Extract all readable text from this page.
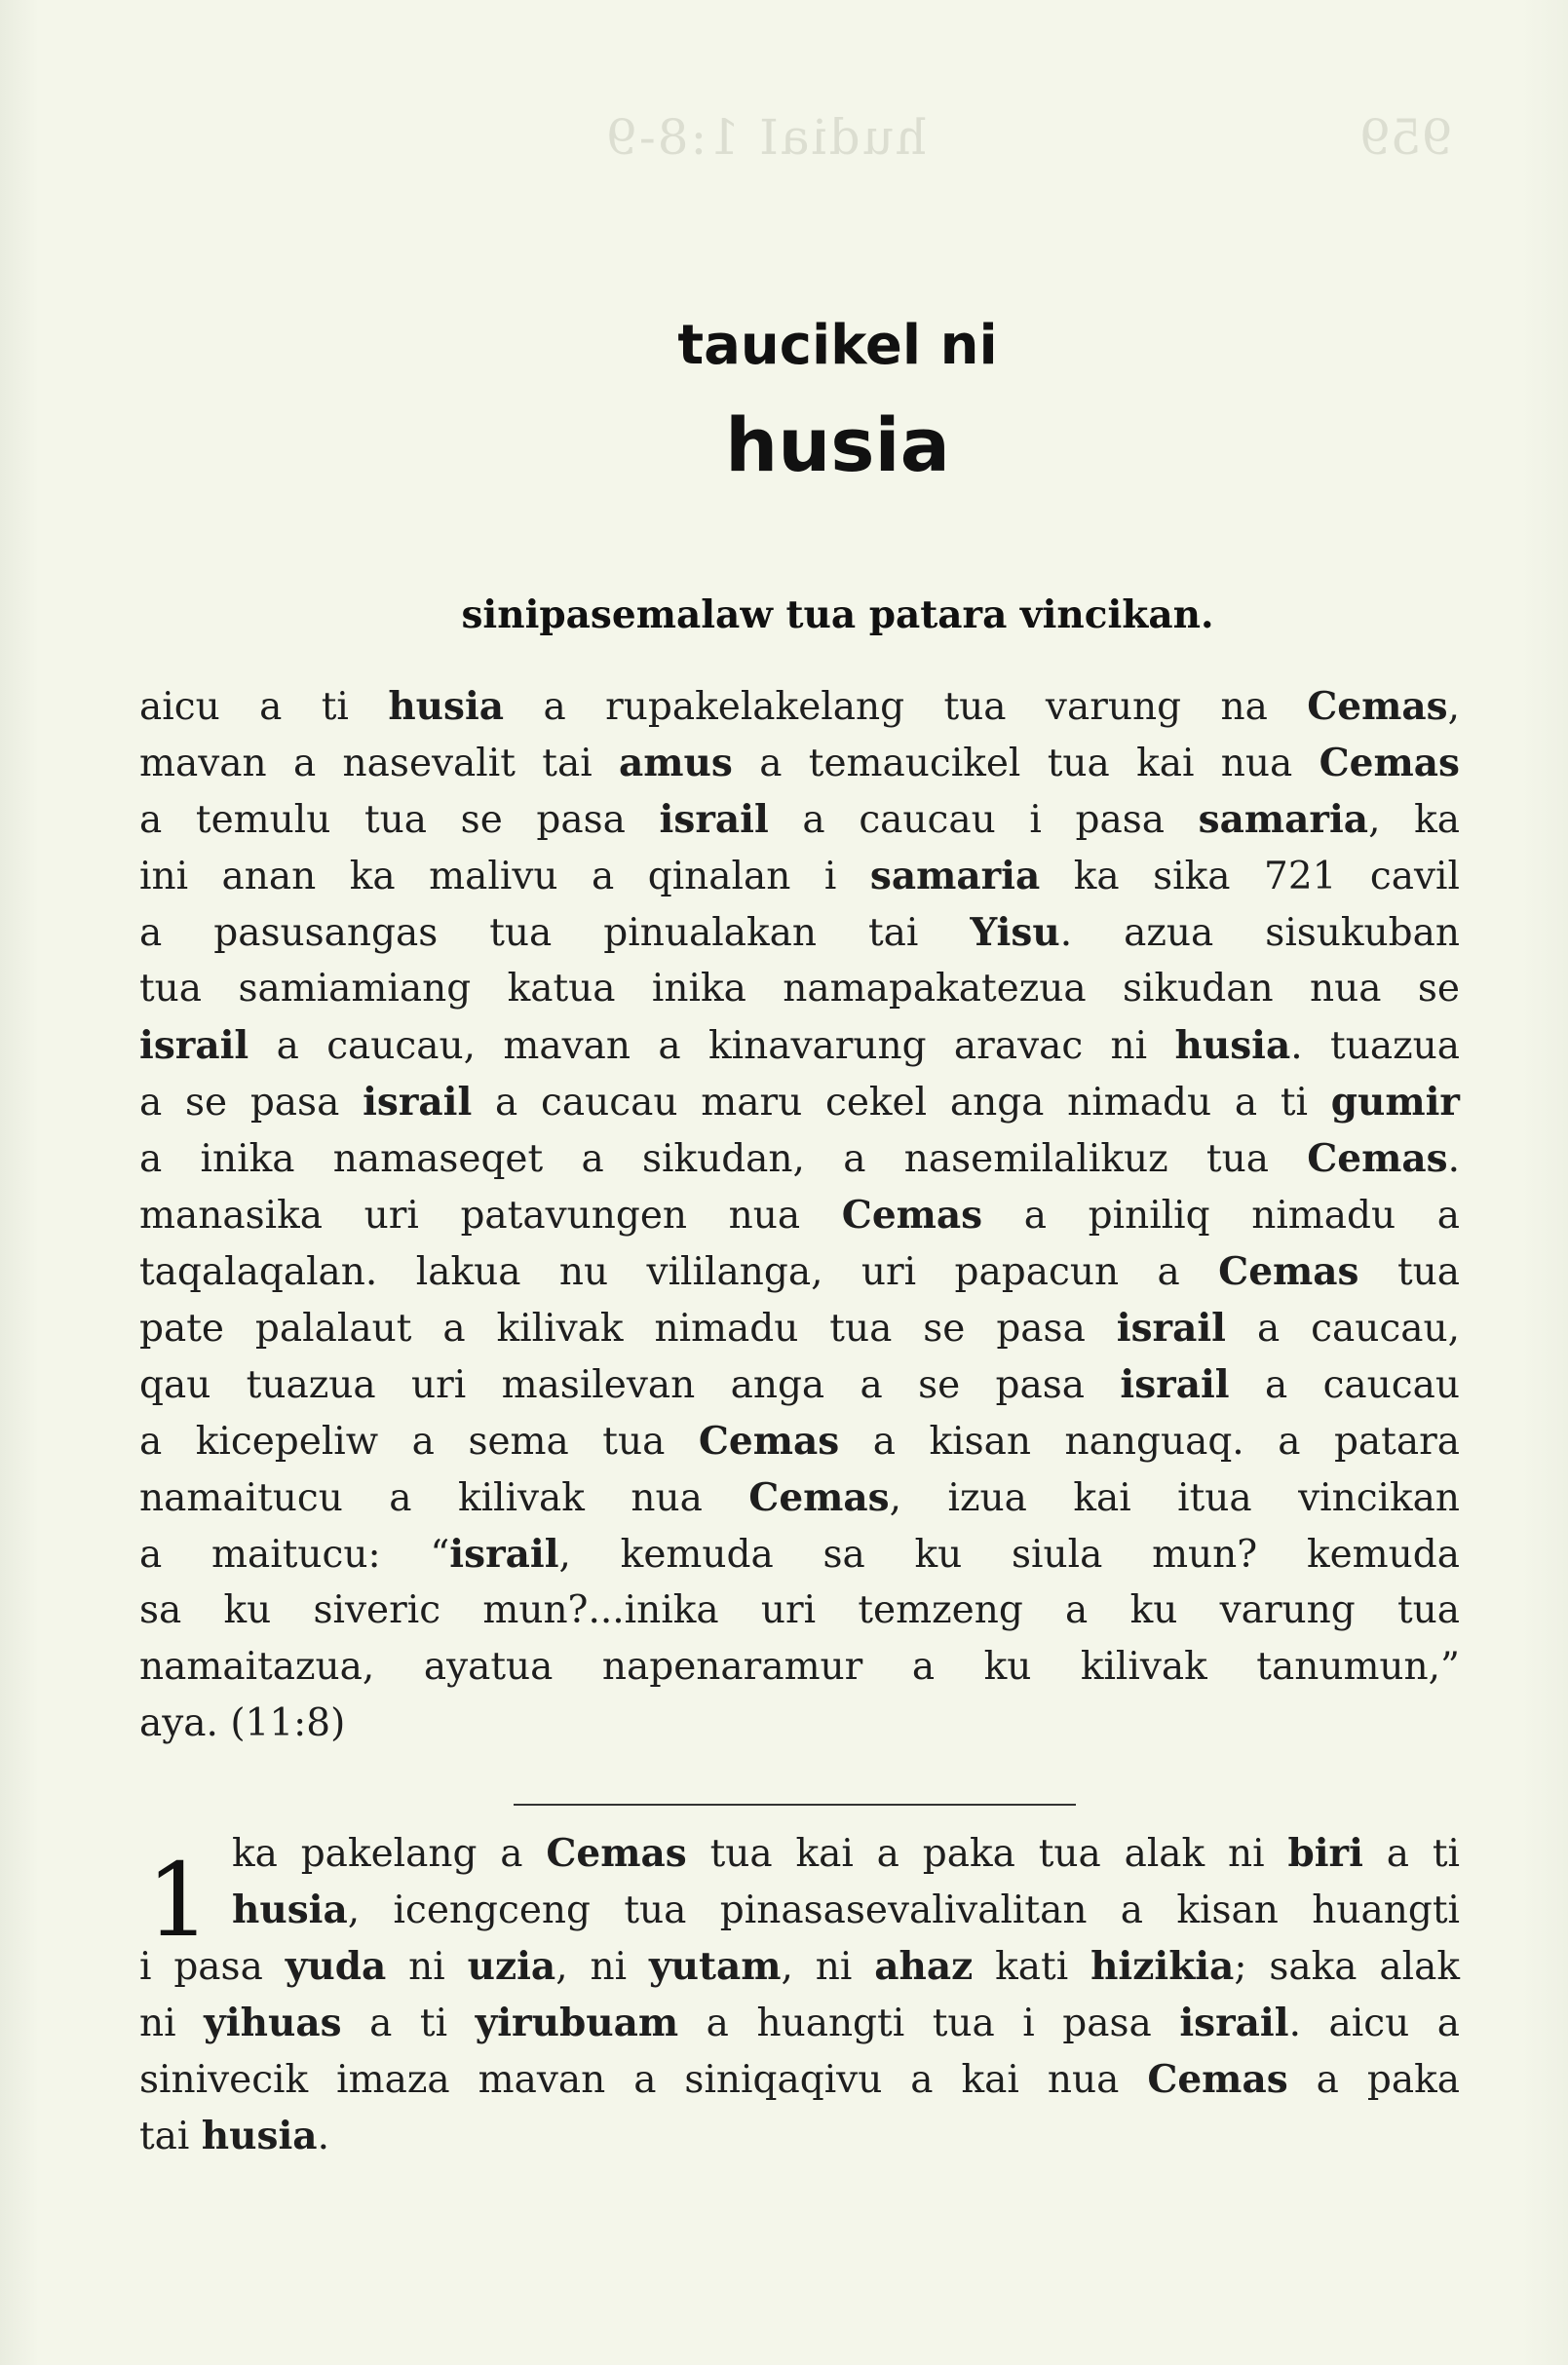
hudiaI 1:8-9	959
taucikel ni
husia
sinipasemalaw tua patara vincikan.
aicu a ti husia a rupakelakelang tua varung na Cemas,
mavan a nasevalit tai amus a temaucikel tua kai nua Cemas
a temulu tua se pasa israil a caucau i pasa samaria, ka
ini anan ka malivu a qinalan i samaria ka sika 721 cavil
a pasusangas tua pinualakan tai Yisu. azua sisukuban
tua samiamiang katua inika namapakatezua sikudan nua se
israil a caucau, mavan a kinavarung aravac ni husia. tuazua
a se pasa israil a caucau maru cekel anga nimadu a ti gumir
a inika namaseqet a sikudan, a nasemilalikuz tua Cemas.
manasika uri patavungen nua Cemas a piniliq nimadu a
taqalaqalan. lakua nu vililanga, uri papacun a Cemas tua
pate palalaut a kilivak nimadu tua se pasa israil a caucau,
qau tuazua uri masilevan anga a se pasa israil a caucau
a kicepeliw a sema tua Cemas a kisan nanguaq. a patara
namaitucu a kilivak nua Cemas, izua kai itua vincikan
a maitucu: “israil, kemuda sa ku siula mun? kemuda
sa ku siveric mun?...inika uri temzeng a ku varung tua
namaitazua, ayatua napenaramur a ku kilivak tanumun,”
aya. (11:8)
1 ka pakelang a Cemas tua kai a paka tua alak ni biri a ti
husia, icengceng tua pinasasevalivalitan a kisan huangti
i pasa yuda ni uzia, ni yutam, ni ahaz kati hizikia; saka alak
ni yihuas a ti yirubuam a huangti tua i pasa israil. aicu a
sinivecik imaza mavan a siniqaqivu a kai nua Cemas a paka
tai husia.
